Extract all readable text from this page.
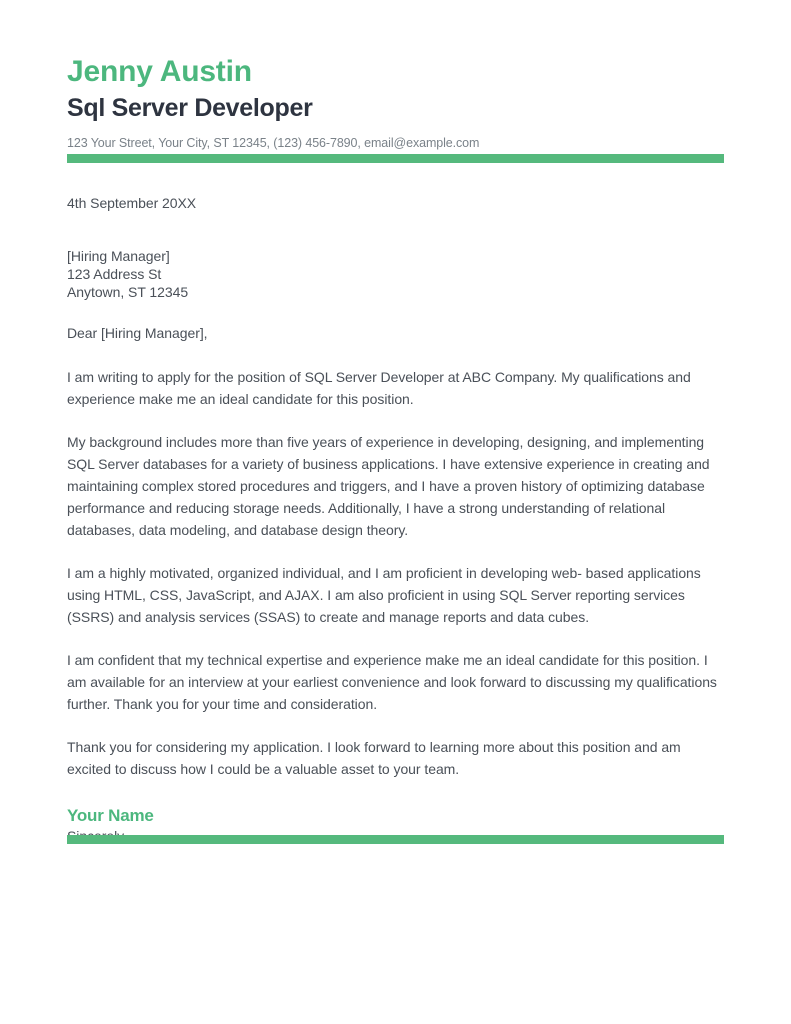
Jenny Austin
Sql Server Developer
123 Your Street, Your City, ST 12345, (123) 456-7890, email@example.com
4th September 20XX
[Hiring Manager]
123 Address St
Anytown, ST 12345
Dear [Hiring Manager],

I am writing to apply for the position of SQL Server Developer at ABC Company. My qualifications and experience make me an ideal candidate for this position.

My background includes more than five years of experience in developing, designing, and implementing SQL Server databases for a variety of business applications. I have extensive experience in creating and maintaining complex stored procedures and triggers, and I have a proven history of optimizing database performance and reducing storage needs. Additionally, I have a strong understanding of relational databases, data modeling, and database design theory.

I am a highly motivated, organized individual, and I am proficient in developing web- based applications using HTML, CSS, JavaScript, and AJAX. I am also proficient in using SQL Server reporting services (SSRS) and analysis services (SSAS) to create and manage reports and data cubes.

I am confident that my technical expertise and experience make me an ideal candidate for this position. I am available for an interview at your earliest convenience and look forward to discussing my qualifications further. Thank you for your time and consideration.

Thank you for considering my application. I look forward to learning more about this position and am excited to discuss how I could be a valuable asset to your team.

Your Name
